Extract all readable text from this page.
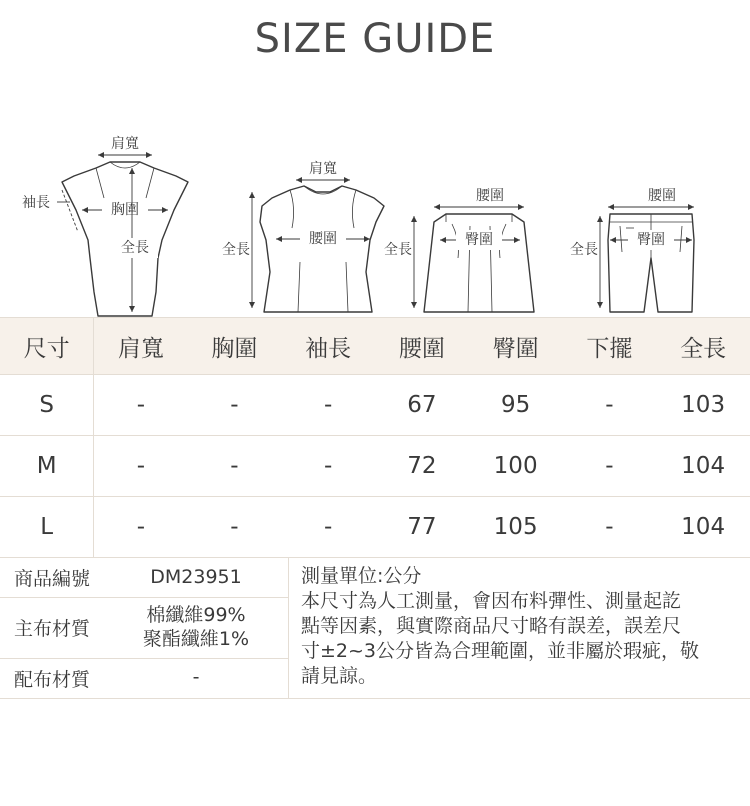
SIZE GUIDE
肩寬
袖長	胸圍
全長
肩寬
腰圍
全長
腰圍
臀圍
全長
腰圍
臀圍
全長
尺寸	肩寬	胸圍	袖長	腰圍	臀圍	下擺	全長
S	-	-	-	67	95	-	103
M	-	-	-	72	100	-	104
L	-	-	-	77	105	-	104
商品編號	DM23951	測量單位:公分
本尺寸為人工測量，會因布料彈性、測量起訖
點等因素，與實際商品尺寸略有誤差，誤差尺
寸±2~3公分皆為合理範圍，並非屬於瑕疵，敬
請見諒。

主布材質	棉纖維99%
聚酯纖維1%	

配布材質	-	
